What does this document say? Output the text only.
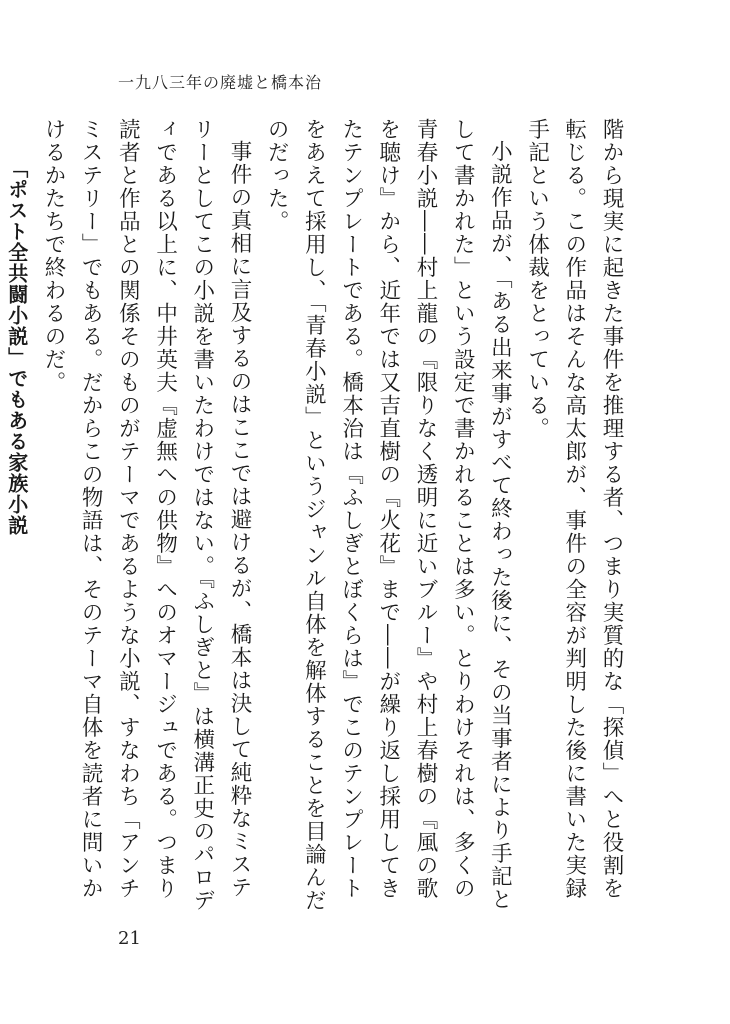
一九八三年の廃墟と橋本治

階から現実に起きた事件を推理する者、つまり実質的な「探偵」へと役割を転じる。この作品はそんな高太郎が、事件の全容が判明した後に書いた実録手記という体裁をとっている。

小説作品が、「ある出来事がすべて終わった後に、その当事者により手記として書かれた」という設定で書かれることは多い。とりわけそれは、多くの青春小説――村上龍の『限りなく透明に近いブルー』や村上春樹の『風の歌を聴け』から、近年では又吉直樹の『火花』まで――が繰り返し採用してきたテンプレートである。橋本治は『ふしぎとぼくらは』でこのテンプレートをあえて採用し、「青春小説」というジャンル自体を解体することを目論んだのだった。

事件の真相に言及するのはここでは避けるが、橋本は決して純粋なミステリーとしてこの小説を書いたわけではない。『ふしぎと』は横溝正史のパロディである以上に、中井英夫『虚無への供物』へのオマージュである。つまり読者と作品との関係そのものがテーマであるような小説、すなわち「アンチミステリー」でもある。だからこの物語は、そのテーマ自体を読者に問いかけるかたちで終わるのだ。

「ポスト全共闘小説」でもある家族小説

21
